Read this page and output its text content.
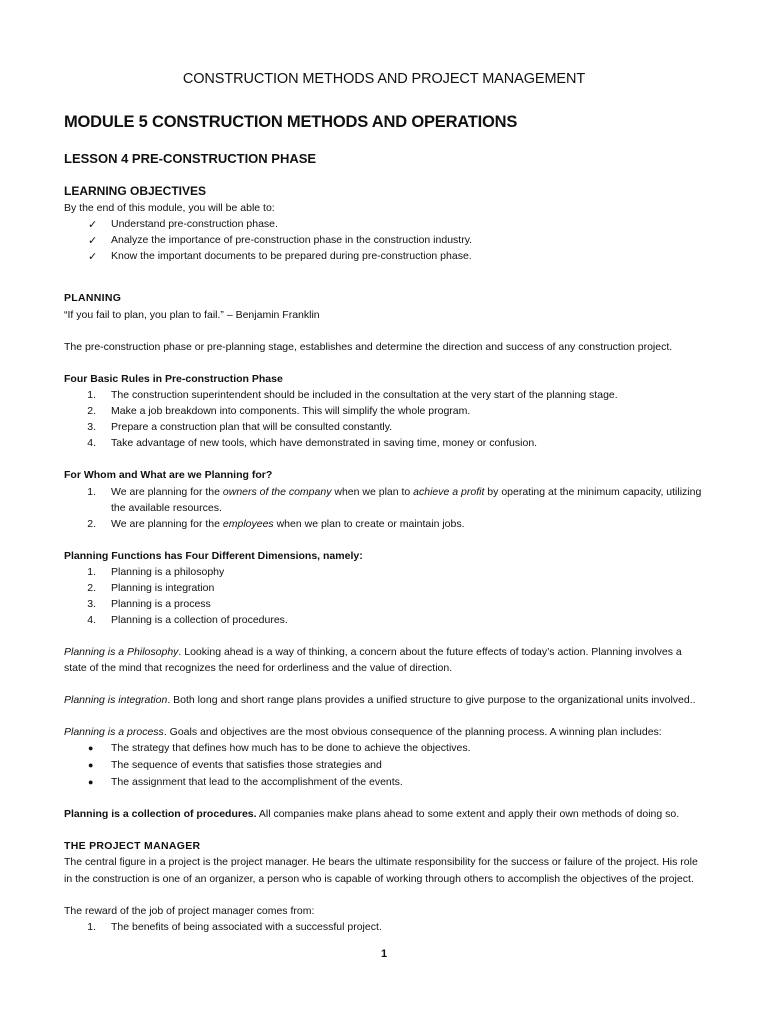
CONSTRUCTION METHODS AND PROJECT MANAGEMENT
MODULE 5 CONSTRUCTION METHODS AND OPERATIONS
LESSON 4 PRE-CONSTRUCTION PHASE
LEARNING OBJECTIVES
By the end of this module, you will be able to:
✓ Understand pre-construction phase.
✓ Analyze the importance of pre-construction phase in the construction industry.
✓ Know the important documents to be prepared during pre-construction phase.
PLANNING
“If you fail to plan, you plan to fail.” – Benjamin Franklin
The pre-construction phase or pre-planning stage, establishes and determine the direction and success of any construction project.
Four Basic Rules in Pre-construction Phase
1. The construction superintendent should be included in the consultation at the very start of the planning stage.
2. Make a job breakdown into components. This will simplify the whole program.
3. Prepare a construction plan that will be consulted constantly.
4. Take advantage of new tools, which have demonstrated in saving time, money or confusion.
For Whom and What are we Planning for?
1. We are planning for the owners of the company when we plan to achieve a profit by operating at the minimum capacity, utilizing
the available resources.
2. We are planning for the employees when we plan to create or maintain jobs.
Planning Functions has Four Different Dimensions, namely:
1. Planning is a philosophy
2. Planning is integration
3. Planning is a process
4. Planning is a collection of procedures.
Planning is a Philosophy. Looking ahead is a way of thinking, a concern about the future effects of today’s action. Planning involves a
state of the mind that recognizes the need for orderliness and the value of direction.
Planning is integration. Both long and short range plans provides a unified structure to give purpose to the organizational units involved..
Planning is a process. Goals and objectives are the most obvious consequence of the planning process. A winning plan includes:
● The strategy that defines how much has to be done to achieve the objectives.
● The sequence of events that satisfies those strategies and
● The assignment that lead to the accomplishment of the events.
Planning is a collection of procedures. All companies make plans ahead to some extent and apply their own methods of doing so.
THE PROJECT MANAGER
The central figure in a project is the project manager. He bears the ultimate responsibility for the success or failure of the project. His role
in the construction is one of an organizer, a person who is capable of working through others to accomplish the objectives of the project.
The reward of the job of project manager comes from:
1. The benefits of being associated with a successful project.
1
